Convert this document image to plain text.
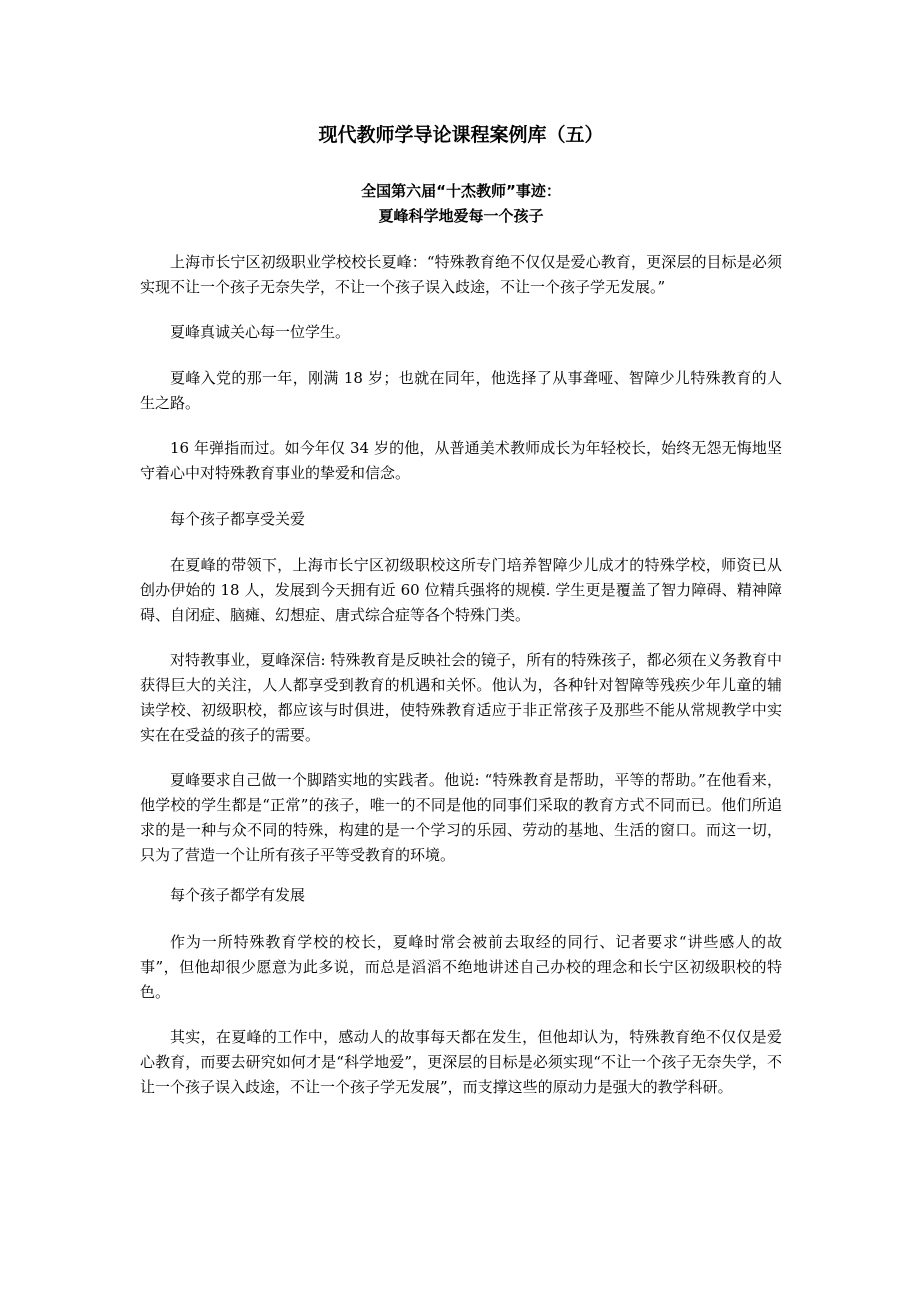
现代教师学导论课程案例库（五）

全国第六届“十杰教师”事迹：

夏峰科学地爱每一个孩子

上海市长宁区初级职业学校校长夏峰：“特殊教育绝不仅仅是爱心教育，更深层的目标是必须实现不让一个孩子无奈失学，不让一个孩子误入歧途，不让一个孩子学无发展。”

夏峰真诚关心每一位学生。

夏峰入党的那一年，刚满 18 岁；也就在同年，他选择了从事聋哑、智障少儿特殊教育的人生之路。

16 年弹指而过。如今年仅 34 岁的他，从普通美术教师成长为年轻校长，始终无怨无悔地坚守着心中对特殊教育事业的挚爱和信念。

每个孩子都享受关爱

在夏峰的带领下，上海市长宁区初级职校这所专门培养智障少儿成才的特殊学校，师资已从创办伊始的 18 人，发展到今天拥有近 60 位精兵强将的规模. 学生更是覆盖了智力障碍、精神障碍、自闭症、脑瘫、幻想症、唐式综合症等各个特殊门类。

对特教事业，夏峰深信: 特殊教育是反映社会的镜子，所有的特殊孩子，都必须在义务教育中获得巨大的关注，人人都享受到教育的机遇和关怀。他认为，各种针对智障等残疾少年儿童的辅读学校、初级职校，都应该与时俱进，使特殊教育适应于非正常孩子及那些不能从常规教学中实实在在受益的孩子的需要。

夏峰要求自己做一个脚踏实地的实践者。他说: “特殊教育是帮助，平等的帮助。”在他看来，他学校的学生都是“正常”的孩子，唯一的不同是他的同事们采取的教育方式不同而已。他们所追求的是一种与众不同的特殊，构建的是一个学习的乐园、劳动的基地、生活的窗口。而这一切，只为了营造一个让所有孩子平等受教育的环境。

每个孩子都学有发展

作为一所特殊教育学校的校长，夏峰时常会被前去取经的同行、记者要求“讲些感人的故事”，但他却很少愿意为此多说，而总是滔滔不绝地讲述自己办校的理念和长宁区初级职校的特色。

其实，在夏峰的工作中，感动人的故事每天都在发生，但他却认为，特殊教育绝不仅仅是爱心教育，而要去研究如何才是“科学地爱”，更深层的目标是必须实现“不让一个孩子无奈失学，不让一个孩子误入歧途，不让一个孩子学无发展”，而支撑这些的原动力是强大的教学科研。
